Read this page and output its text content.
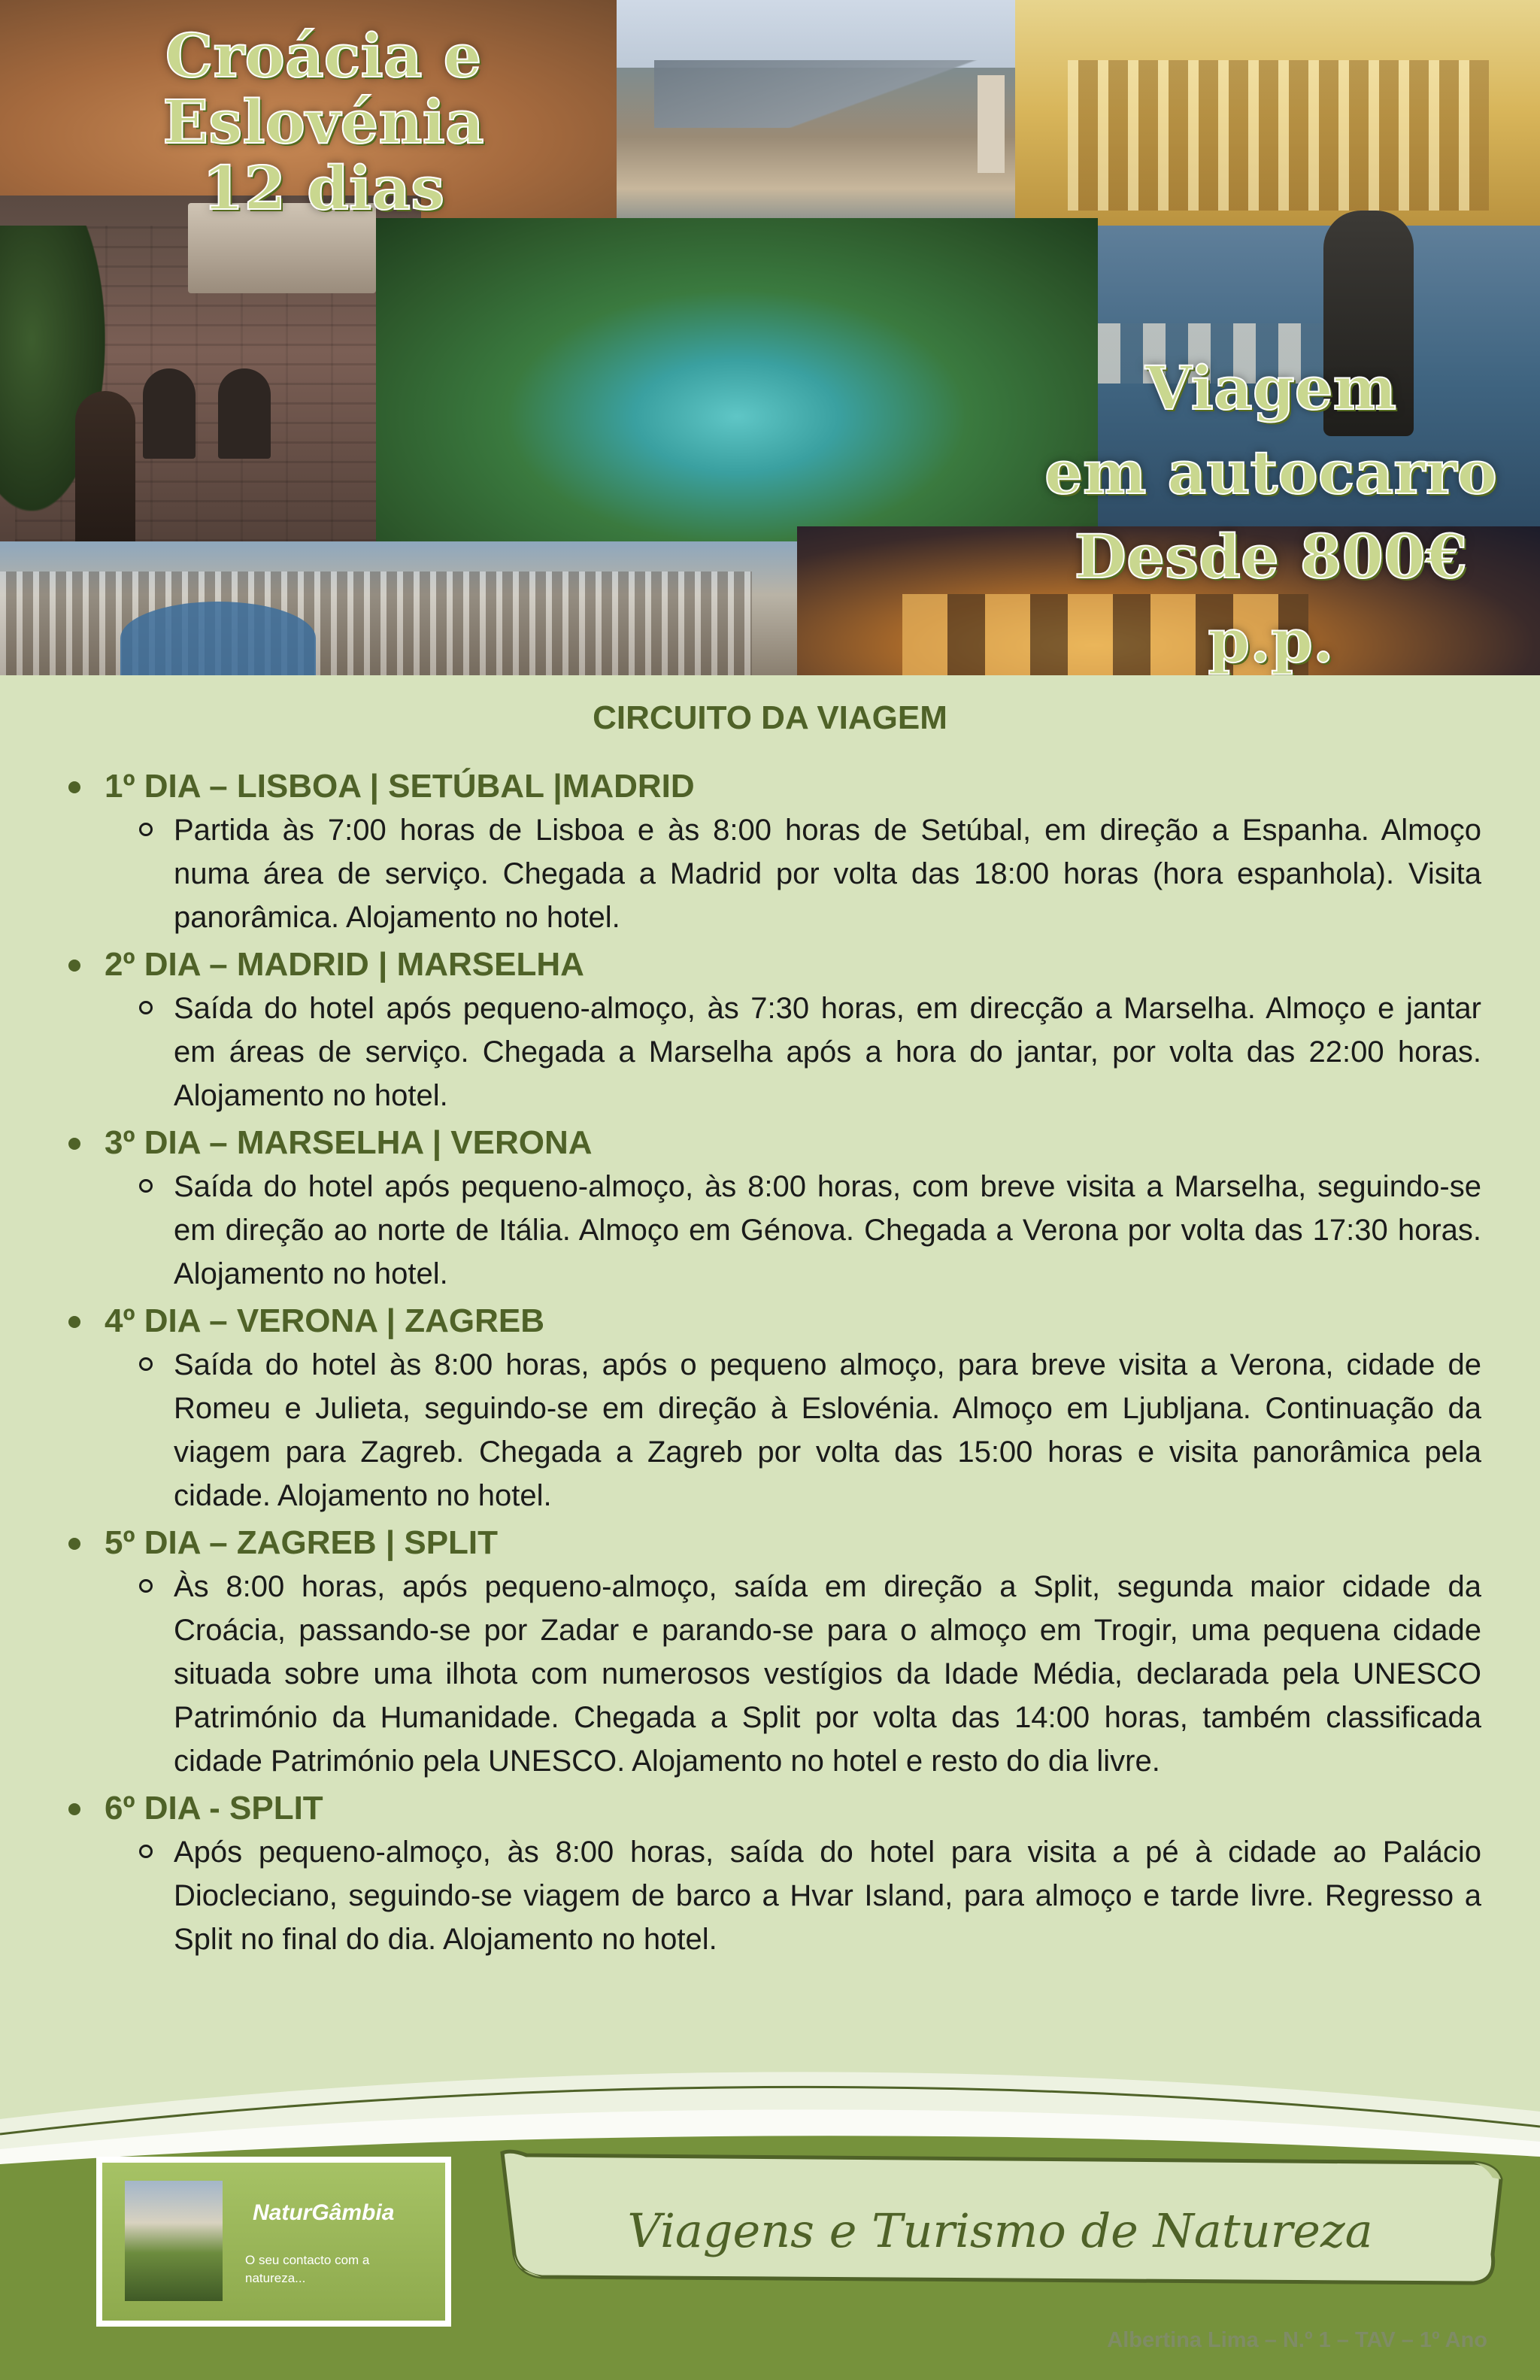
Croácia e Eslovénia
12 dias
Viagem
em autocarro
Desde 800€ p.p.
CIRCUITO DA VIAGEM
1º DIA – LISBOA | SETÚBAL |MADRID

Partida às 7:00 horas de Lisboa e às 8:00 horas de Setúbal, em direção a Espanha. Almoço numa área de serviço. Chegada a Madrid por volta das 18:00 horas (hora espanhola). Visita panorâmica. Alojamento no hotel.

2º DIA – MADRID | MARSELHA

Saída do hotel após pequeno-almoço, às 7:30 horas, em direcção a Marselha. Almoço e jantar em áreas de serviço. Chegada a Marselha após a hora do jantar, por volta das 22:00 horas. Alojamento no hotel.

3º DIA – MARSELHA | VERONA

Saída do hotel após pequeno-almoço, às 8:00 horas, com breve visita a Marselha, seguindo-se em direção ao norte de Itália. Almoço em Génova. Chegada a Verona por volta das 17:30 horas. Alojamento no hotel.

4º DIA – VERONA | ZAGREB

Saída do hotel às 8:00 horas, após o pequeno almoço, para breve visita a Verona, cidade de Romeu e Julieta, seguindo-se em direção à Eslovénia. Almoço em Ljubljana. Continuação da viagem para Zagreb. Chegada a Zagreb por volta das 15:00 horas e visita panorâmica pela cidade. Alojamento no hotel.

5º DIA – ZAGREB | SPLIT

Às 8:00 horas, após pequeno-almoço, saída em direção a Split, segunda maior cidade da Croácia, passando-se por Zadar e parando-se para o almoço em Trogir, uma pequena cidade situada sobre uma ilhota com numerosos vestígios da Idade Média, declarada pela UNESCO Património da Humanidade. Chegada a Split por volta das 14:00 horas, também classificada cidade Património pela UNESCO. Alojamento no hotel e resto do dia livre.

6º DIA - SPLIT

Após pequeno-almoço, às 8:00 horas, saída do hotel para visita a pé à cidade ao Palácio Diocleciano, seguindo-se viagem de barco a Hvar Island, para almoço e tarde livre. Regresso a Split no final do dia. Alojamento no hotel.

NaturGâmbia
O seu contacto com a natureza...
Viagens e Turismo de Natureza
Albertina Lima – N.º 1 – TAV – 1º Ano
